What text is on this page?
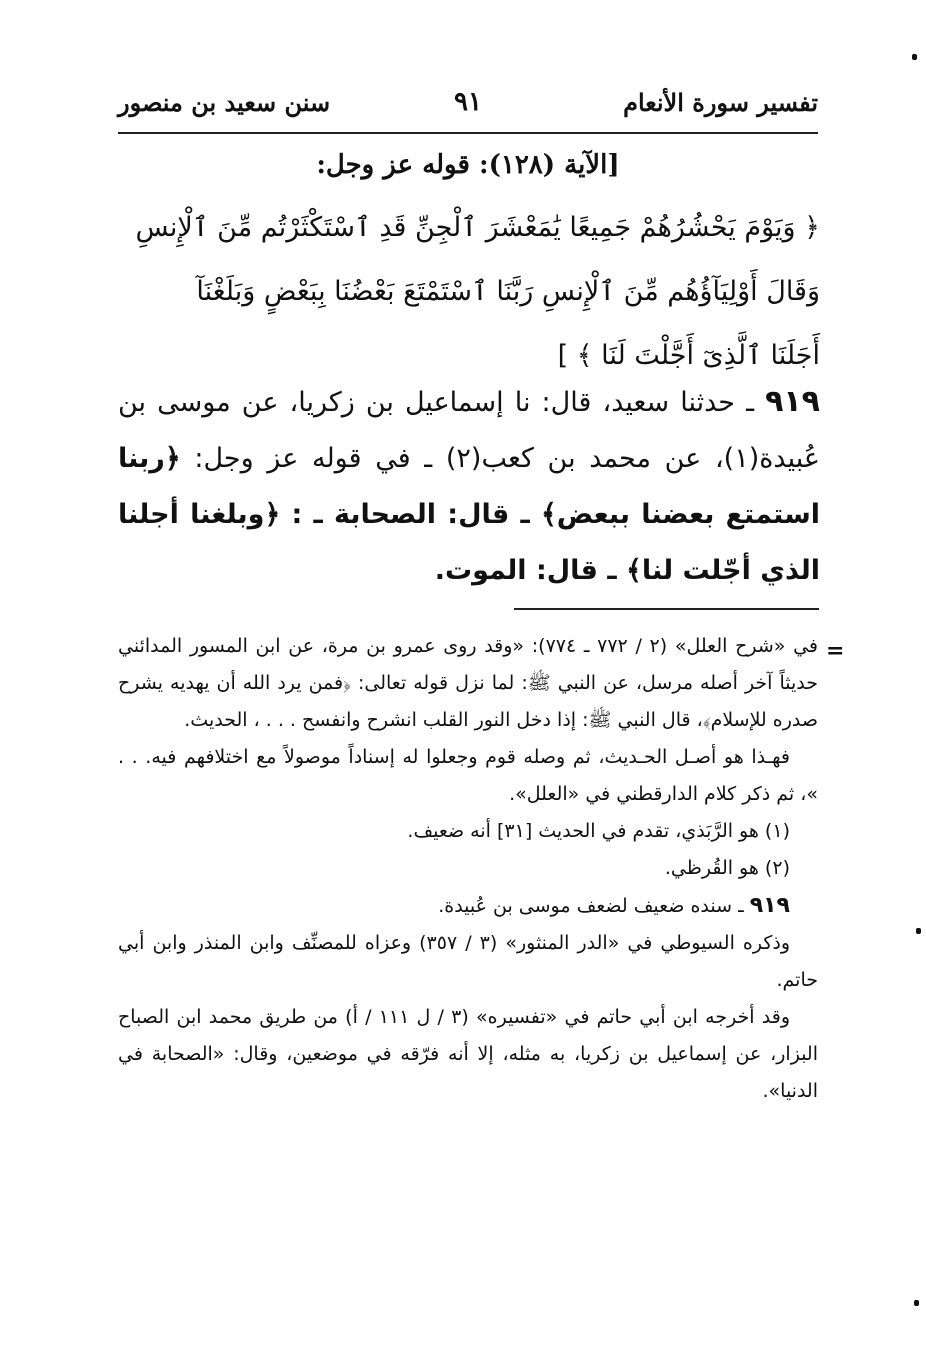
تفسير سورة الأنعام
٩١
سنن سعيد بن منصور
[الآية (١٢٨): قوله عز وجل:
﴿ وَيَوْمَ يَحْشُرُهُمْ جَمِيعًا يَٰمَعْشَرَ ٱلْجِنِّ قَدِ ٱسْتَكْثَرْتُم مِّنَ ٱلْإِنسِ
وَقَالَ أَوْلِيَآؤُهُم مِّنَ ٱلْإِنسِ رَبَّنَا ٱسْتَمْتَعَ بَعْضُنَا بِبَعْضٍ وَبَلَغْنَآ
أَجَلَنَا ٱلَّذِىٓ أَجَّلْتَ لَنَا ﴾ ]
٩١٩ ـ حدثنا سعيد، قال: نا إسماعيل بن زكريا، عن موسى بن عُبيدة(١)، عن محمد بن كعب(٢) ـ في قوله عز وجل: ﴿ربنا استمتع بعضنا ببعض﴾ ـ قال: الصحابة ـ : ﴿وبلغنا أجلنا الذي أجّلت لنا﴾ ـ قال: الموت.
=

في «شرح العلل» (٢ / ٧٧٢ ـ ٧٧٤): «وقد روى عمرو بن مرة، عن ابن المسور المدائني حديثاً آخر أصله مرسل، عن النبي ﷺ: لما نزل قوله تعالى: ﴿فمن يرد الله أن يهديه يشرح صدره للإسلام﴾، قال النبي ﷺ: إذا دخل النور القلب انشرح وانفسح . . . ، الحديث.

فهـذا هو أصـل الحـديث، ثم وصله قوم وجعلوا له إسناداً موصولاً مع اختلافهم فيه. . . »، ثم ذكر كلام الدارقطني في «العلل».

(١) هو الرَّبَذي، تقدم في الحديث [٣١] أنه ضعيف.

(٢) هو القُرظي.

٩١٩ ـ سنده ضعيف لضعف موسى بن عُبيدة.

وذكره السيوطي في «الدر المنثور» (٣ / ٣٥٧) وعزاه للمصنِّف وابن المنذر وابن أبي حاتم.

وقد أخرجه ابن أبي حاتم في «تفسيره» (٣ / ل ١١١ / أ) من طريق محمد ابن الصباح البزار، عن إسماعيل بن زكريا، به مثله، إلا أنه فرّقه في موضعين، وقال: «الصحابة في الدنيا».
